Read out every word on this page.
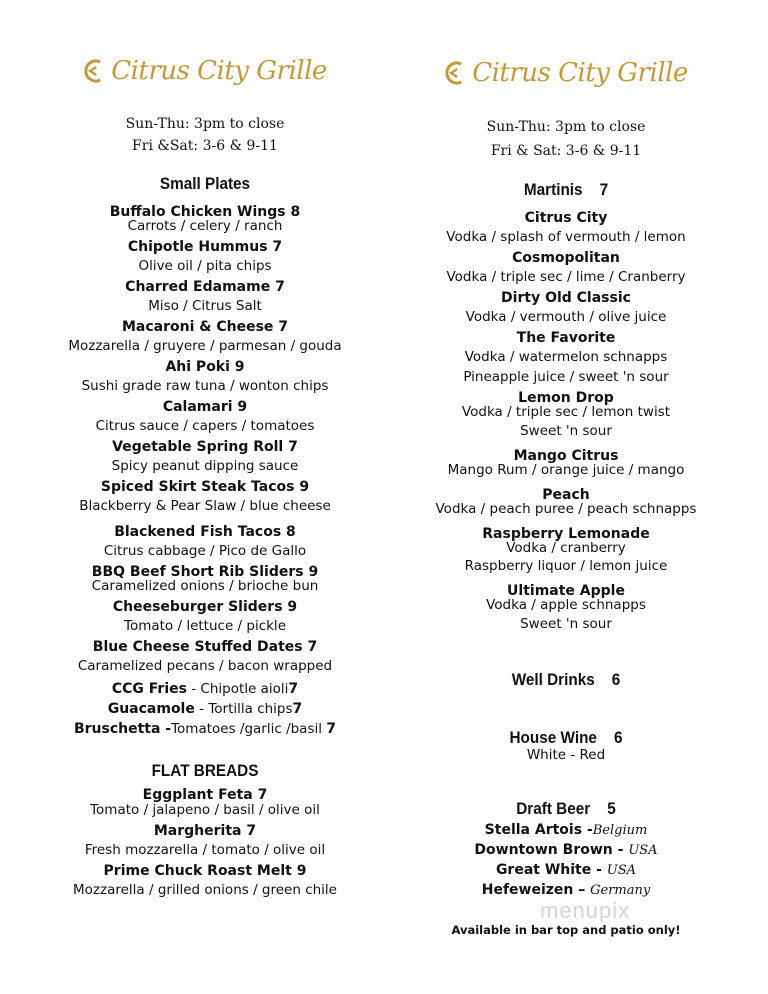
Citrus City Grille
Sun-Thu: 3pm to close
Fri &Sat: 3-6 & 9-11
Small Plates
Buffalo Chicken Wings 8
Carrots / celery / ranch
Chipotle Hummus 7
Olive oil / pita chips
Charred Edamame 7
Miso / Citrus Salt
Macaroni & Cheese 7
Mozzarella / gruyere / parmesan / gouda
Ahi Poki 9
Sushi grade raw tuna / wonton chips
Calamari 9
Citrus sauce / capers / tomatoes
Vegetable Spring Roll 7
Spicy peanut dipping sauce
Spiced Skirt Steak Tacos 9
Blackberry & Pear Slaw / blue cheese
Blackened Fish Tacos 8
Citrus cabbage / Pico de Gallo
BBQ Beef Short Rib Sliders 9
Caramelized onions / brioche bun
Cheeseburger Sliders 9
Tomato / lettuce / pickle
Blue Cheese Stuffed Dates 7
Caramelized pecans / bacon wrapped
CCG Fries - Chipotle aioli7
Guacamole - Tortilla chips7
Bruschetta -Tomatoes /garlic /basil 7
FLAT BREADS
Eggplant Feta 7
Tomato / jalapeno / basil / olive oil
Margherita 7
Fresh mozzarella / tomato / olive oil
Prime Chuck Roast Melt 9
Mozzarella / grilled onions / green chile
Citrus City Grille
Sun-Thu: 3pm to close
Fri & Sat: 3-6 & 9-11
Martinis 7
Citrus City
Vodka / splash of vermouth / lemon
Cosmopolitan
Vodka / triple sec / lime / Cranberry
Dirty Old Classic
Vodka / vermouth / olive juice
The Favorite
Vodka / watermelon schnapps
Pineapple juice / sweet 'n sour
Lemon Drop
Vodka / triple sec / lemon twist
Sweet 'n sour
Mango Citrus
Mango Rum / orange juice / mango
Peach
Vodka / peach puree / peach schnapps
Raspberry Lemonade
Vodka / cranberry
Raspberry liquor / lemon juice
Ultimate Apple
Vodka / apple schnapps
Sweet 'n sour
Well Drinks 6
House Wine 6
White - Red
Draft Beer 5
Stella Artois -Belgium
Downtown Brown - USA
Great White - USA
Hefeweizen – Germany
Available in bar top and patio only!
menupix
